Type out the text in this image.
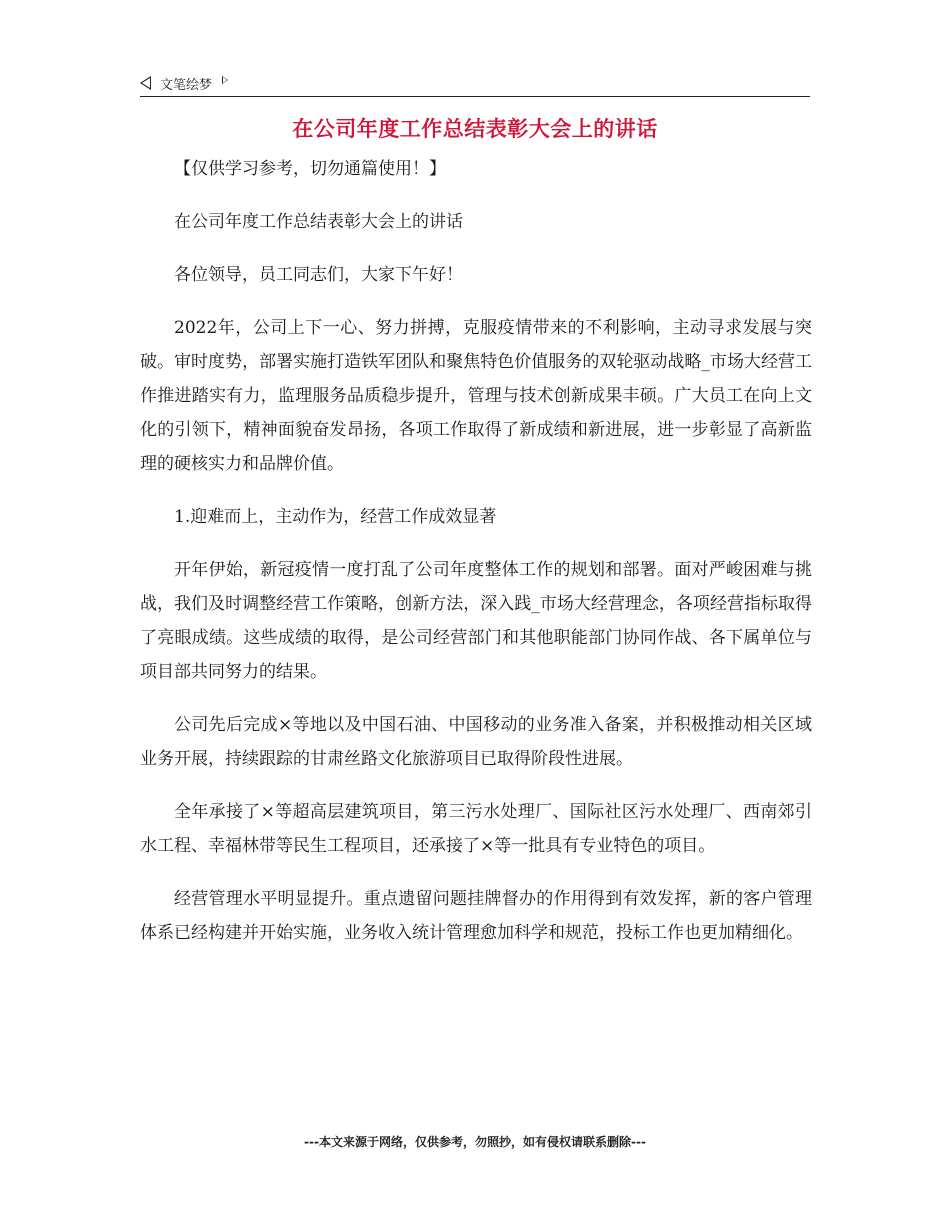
文笔绘梦
在公司年度工作总结表彰大会上的讲话

【仅供学习参考，切勿通篇使用！】

在公司年度工作总结表彰大会上的讲话

各位领导，员工同志们，大家下午好！

2022年，公司上下一心、努力拼搏，克服疫情带来的不利影响，主动寻求发展与突破。审时度势，部署实施打造铁军团队和聚焦特色价值服务的双轮驱动战略_市场大经营工作推进踏实有力，监理服务品质稳步提升，管理与技术创新成果丰硕。广大员工在向上文化的引领下，精神面貌奋发昂扬，各项工作取得了新成绩和新进展，进一步彰显了高新监理的硬核实力和品牌价值。

1.迎难而上，主动作为，经营工作成效显著

开年伊始，新冠疫情一度打乱了公司年度整体工作的规划和部署。面对严峻困难与挑战，我们及时调整经营工作策略，创新方法，深入践_市场大经营理念，各项经营指标取得了亮眼成绩。这些成绩的取得，是公司经营部门和其他职能部门协同作战、各下属单位与项目部共同努力的结果。

公司先后完成×等地以及中国石油、中国移动的业务准入备案，并积极推动相关区域业务开展，持续跟踪的甘肃丝路文化旅游项目已取得阶段性进展。

全年承接了×等超高层建筑项目，第三污水处理厂、国际社区污水处理厂、西南郊引水工程、幸福林带等民生工程项目，还承接了×等一批具有专业特色的项目。

经营管理水平明显提升。重点遗留问题挂牌督办的作用得到有效发挥，新的客户管理体系已经构建并开始实施，业务收入统计管理愈加科学和规范，投标工作也更加精细化。

---本文来源于网络，仅供参考，勿照抄，如有侵权请联系删除---
